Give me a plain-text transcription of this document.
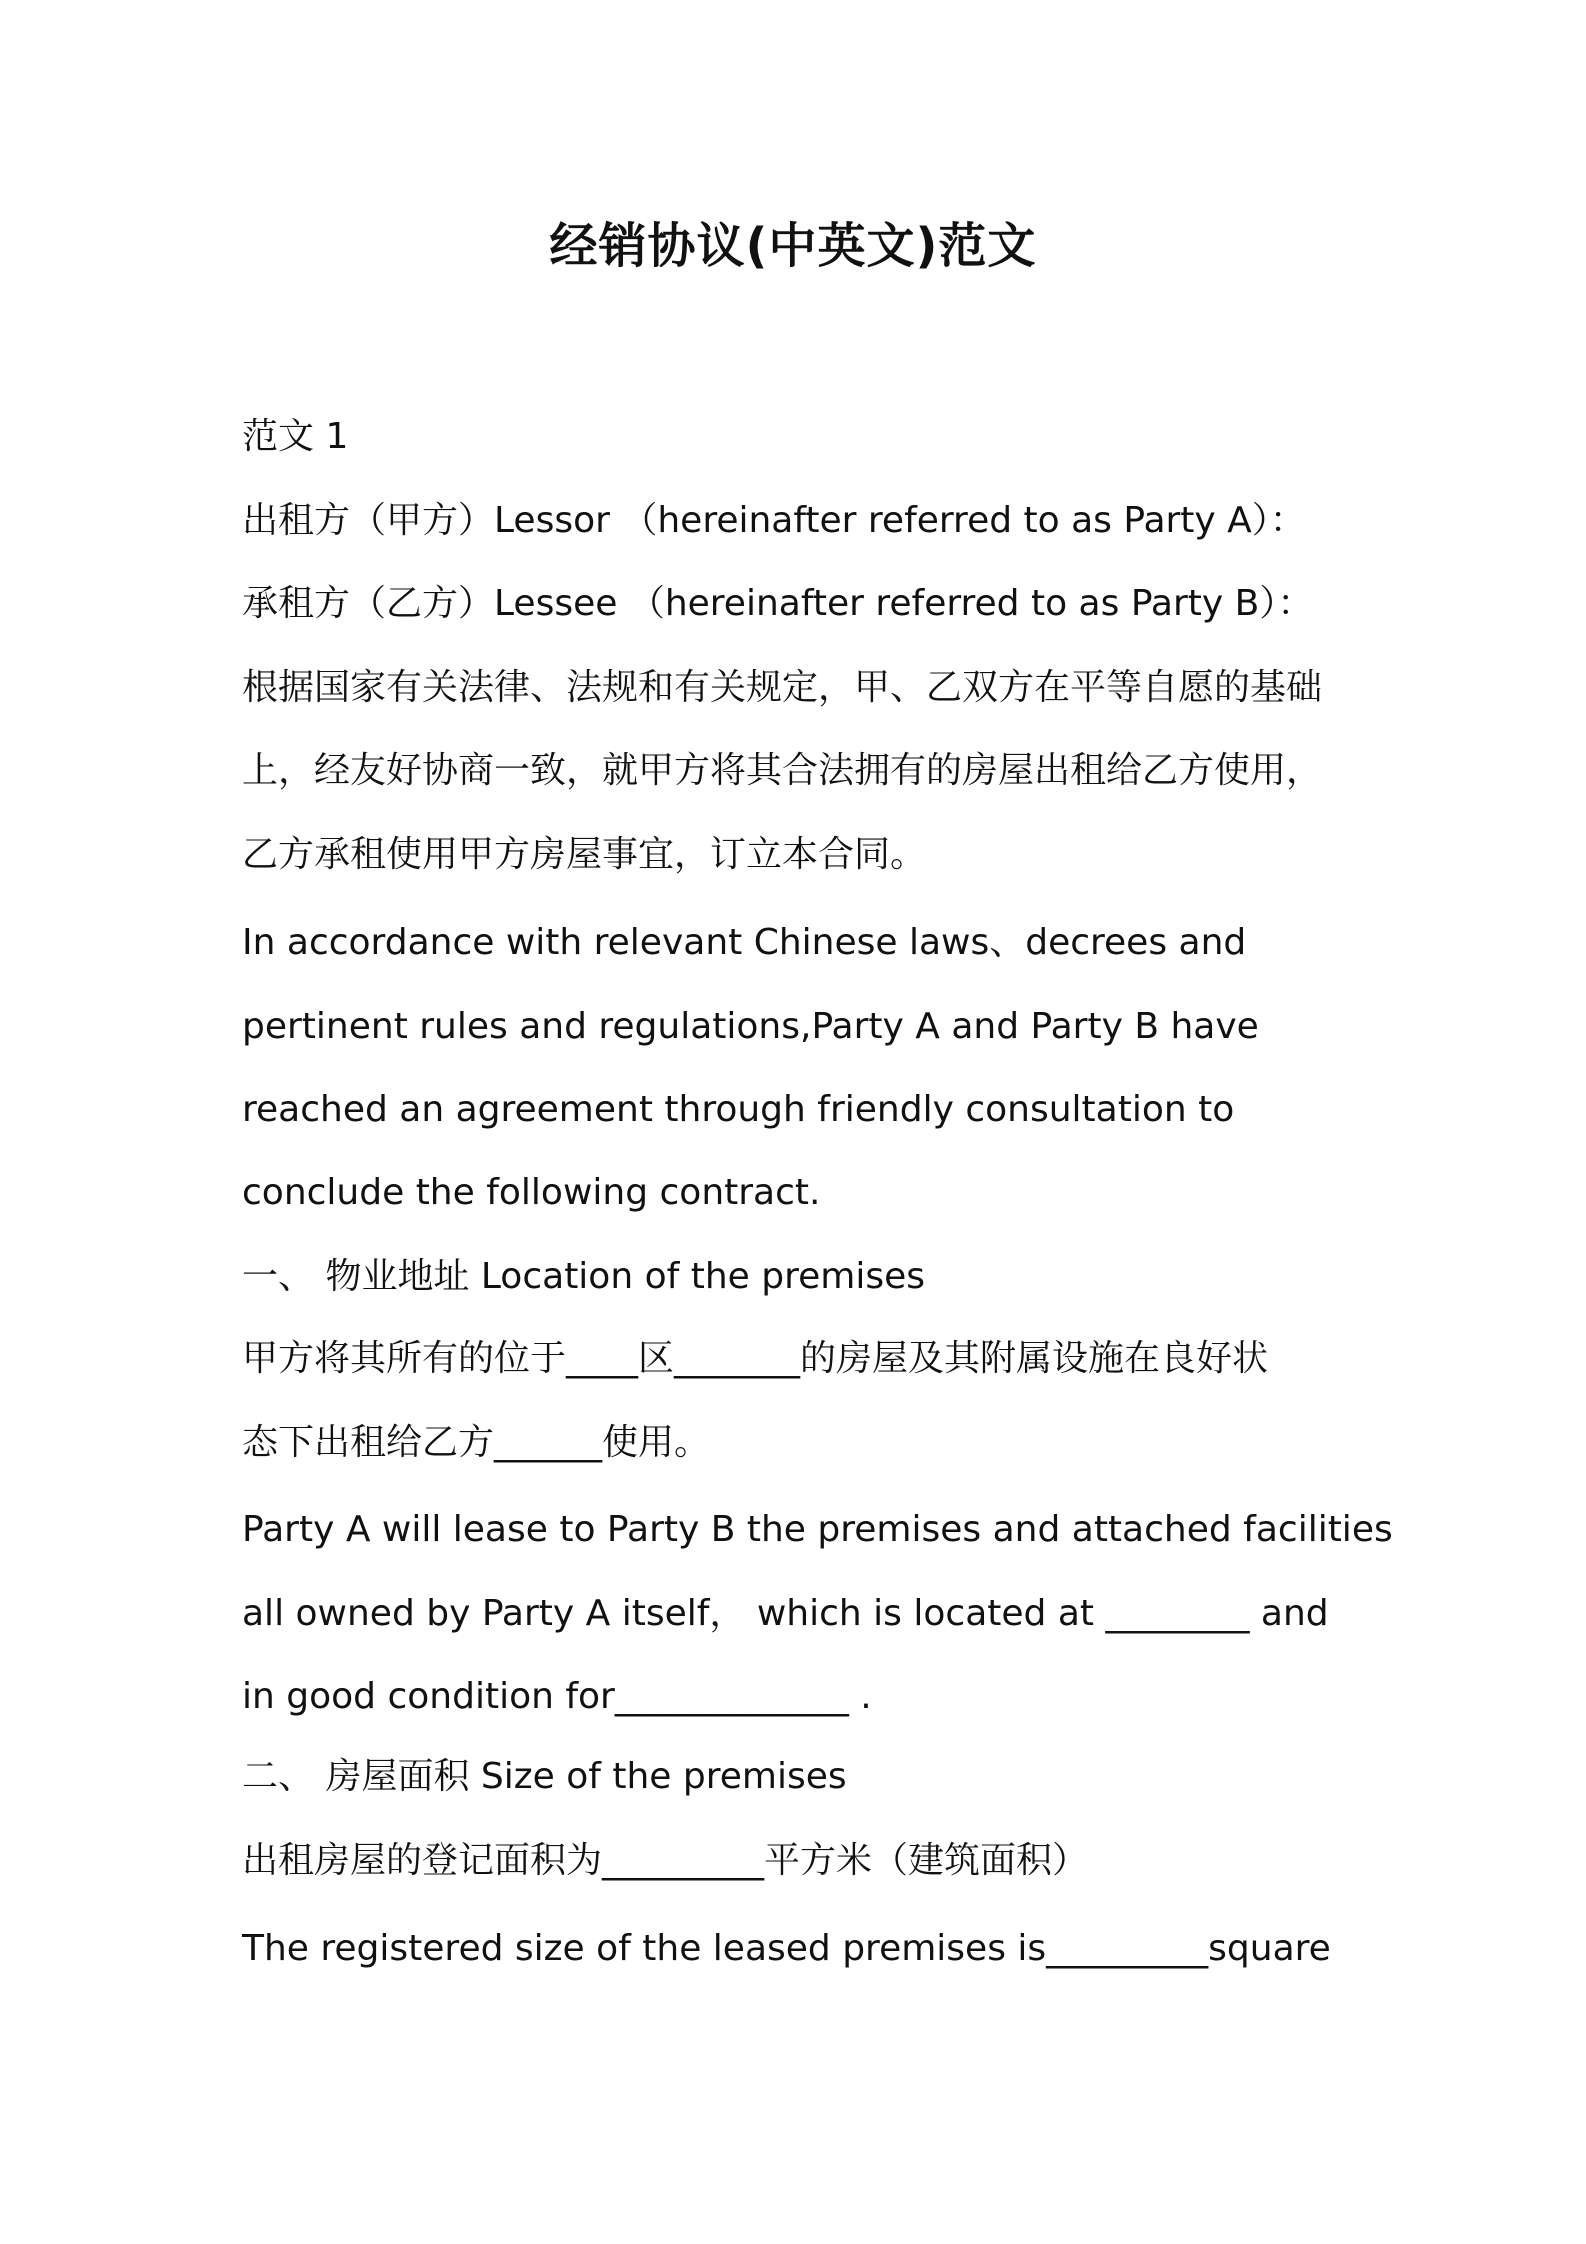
经销协议(中英文)范文
范文 1
出租方（甲方）Lessor （hereinafter referred to as Party A）：
承租方（乙方）Lessee （hereinafter referred to as Party B）：
根据国家有关法律、法规和有关规定，甲、乙双方在平等自愿的基础
上，经友好协商一致，就甲方将其合法拥有的房屋出租给乙方使用，
乙方承租使用甲方房屋事宜，订立本合同。
In accordance with relevant Chinese laws、decrees and
pertinent rules and regulations,Party A and Party B have
reached an agreement through friendly consultation to
conclude the following contract.
一、 物业地址 Location of the premises
甲方将其所有的位于____区_______的房屋及其附属设施在良好状
态下出租给乙方______使用。
Party A will lease to Party B the premises and attached facilities
all owned by Party A itself， which is located at ________ and
in good condition for_____________ .
二、 房屋面积 Size of the premises
出租房屋的登记面积为_________平方米（建筑面积）
The registered size of the leased premises is_________square
